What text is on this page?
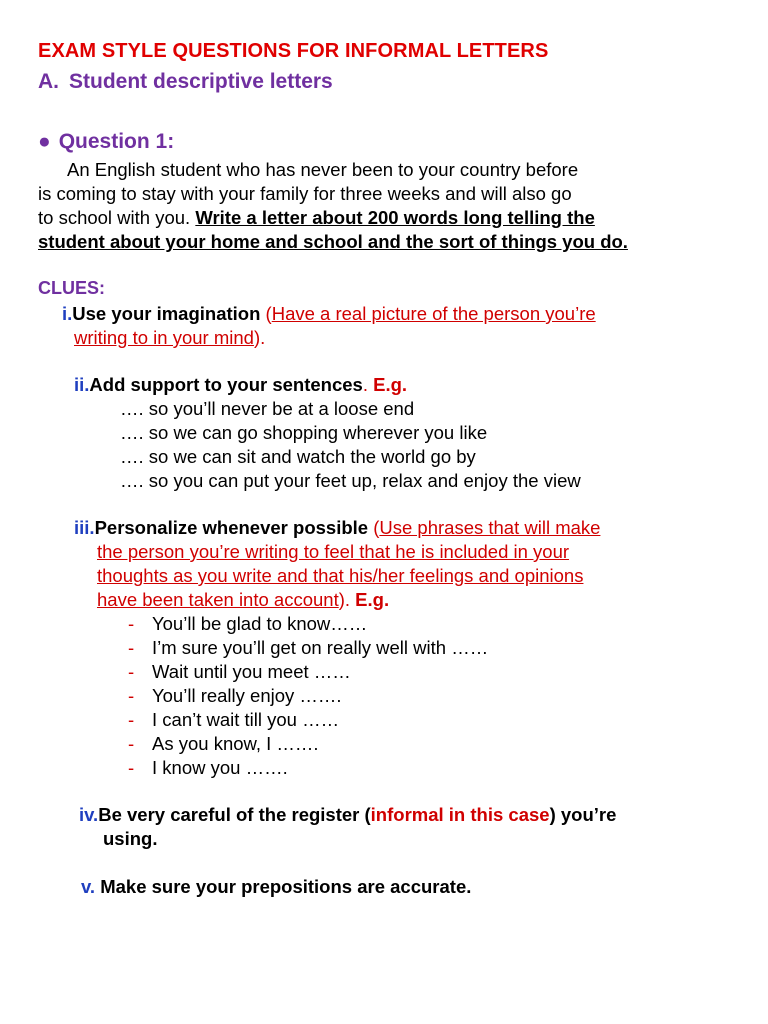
EXAM STYLE QUESTIONS FOR INFORMAL LETTERS
A. Student descriptive letters
● Question 1:
An English student who has never been to your country before
is coming to stay with your family for three weeks and will also go
to school with you. Write a letter about 200 words long telling the
student about your home and school and the sort of things you do.
CLUES:
i.Use your imagination (Have a real picture of the person you’re
writing to in your mind).
ii.Add support to your sentences. E.g.
…. so you’ll never be at a loose end
…. so we can go shopping wherever you like
…. so we can sit and watch the world go by
…. so you can put your feet up, relax and enjoy the view
iii.Personalize whenever possible (Use phrases that will make
the person you’re writing to feel that he is included in your
thoughts as you write and that his/her feelings and opinions
have been taken into account). E.g.
- You’ll be glad to know……
- I’m sure you’ll get on really well with ……
- Wait until you meet ……
- You’ll really enjoy …….
- I can’t wait till you ……
- As you know, I …….
- I know you …….
iv.Be very careful of the register (informal in this case) you’re
using.
v. Make sure your prepositions are accurate.
